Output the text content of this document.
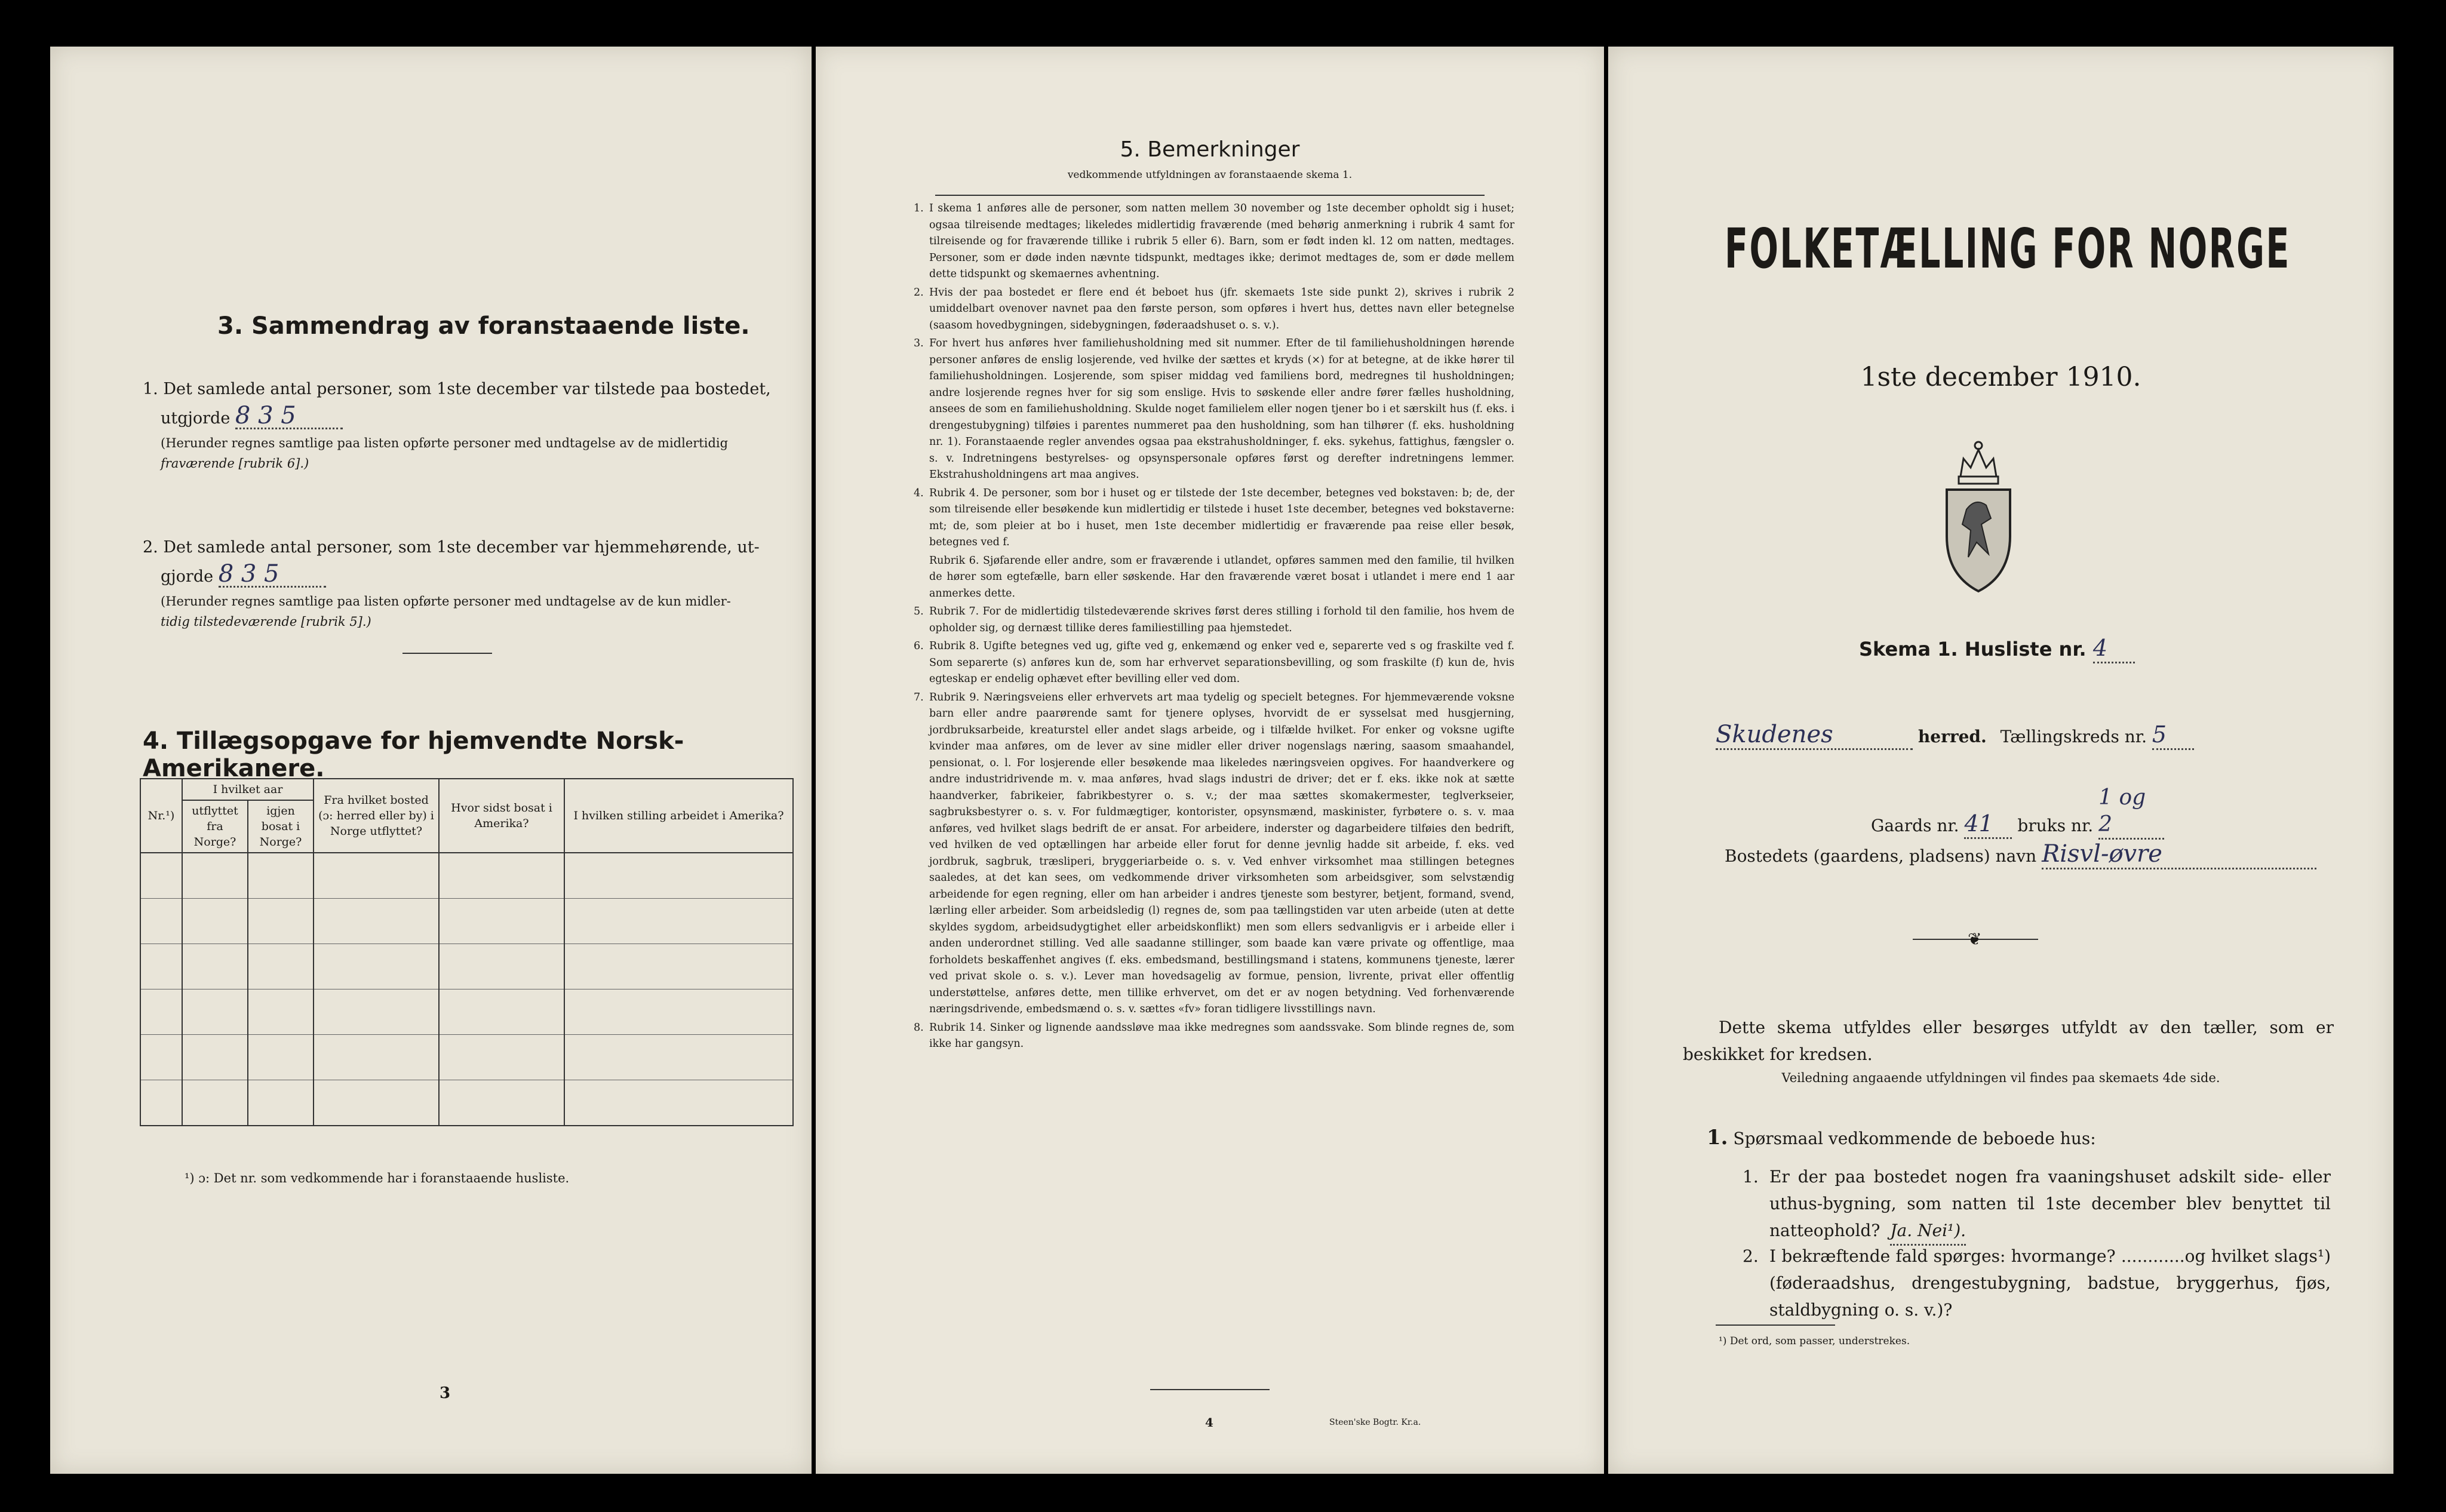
3. Sammendrag av foranstaaende liste.
1. Det samlede antal personer, som 1ste december var tilstede paa bostedet,
utgjorde 8 3 5
(Herunder regnes samtlige paa listen opførte personer med undtagelse av de midlertidig
fraværende [rubrik 6].)
2. Det samlede antal personer, som 1ste december var hjemmehørende, ut-
gjorde 8 3 5
(Herunder regnes samtlige paa listen opførte personer med undtagelse av de kun midler-
tidig tilstedeværende [rubrik 5].)
4. Tillægsopgave for hjemvendte Norsk-Amerikanere.
Nr.¹)	I hvilket aar		Fra hvilket bosted (ɔ: herred eller by) i Norge utflyttet?	Hvor sidst bosat i Amerika?	I hvilken stilling arbeidet i Amerika?
	utflyttet fra Norge?	igjen bosat i Norge?			

¹) ɔ: Det nr. som vedkommende har i foranstaaende husliste.
3
5. Bemerkninger
vedkommende utfyldningen av foranstaaende skema 1.
1. I skema 1 anføres alle de personer, som natten mellem 30 november og 1ste december opholdt sig i huset; ogsaa tilreisende medtages; likeledes midlertidig fraværende (med behørig anmerkning i rubrik 4 samt for tilreisende og for fraværende tillike i rubrik 5 eller 6). Barn, som er født inden kl. 12 om natten, medtages. Personer, som er døde inden nævnte tidspunkt, medtages ikke; derimot medtages de, som er døde mellem dette tidspunkt og skemaernes avhentning.
2. Hvis der paa bostedet er flere end ét beboet hus (jfr. skemaets 1ste side punkt 2), skrives i rubrik 2 umiddelbart ovenover navnet paa den første person, som opføres i hvert hus, dettes navn eller betegnelse (saasom hovedbygningen, sidebygningen, føderaadshuset o. s. v.).
3. For hvert hus anføres hver familiehusholdning med sit nummer. Efter de til familiehusholdningen hørende personer anføres de enslig losjerende, ved hvilke der sættes et kryds (×) for at betegne, at de ikke hører til familiehusholdningen. Losjerende, som spiser middag ved familiens bord, medregnes til husholdningen; andre losjerende regnes hver for sig som enslige. Hvis to søskende eller andre fører fælles husholdning, ansees de som en familiehusholdning. Skulde noget familielem eller nogen tjener bo i et særskilt hus (f. eks. i drengestubygning) tilføies i parentes nummeret paa den husholdning, som han tilhører (f. eks. husholdning nr. 1). Foranstaaende regler anvendes ogsaa paa ekstrahusholdninger, f. eks. sykehus, fattighus, fængsler o. s. v. Indretningens bestyrelses- og opsynspersonale opføres først og derefter indretningens lemmer. Ekstrahusholdningens art maa angives.
4. Rubrik 4. De personer, som bor i huset og er tilstede der 1ste december, betegnes ved bokstaven: b; de, der som tilreisende eller besøkende kun midlertidig er tilstede i huset 1ste december, betegnes ved bokstaverne: mt; de, som pleier at bo i huset, men 1ste december midlertidig er fraværende paa reise eller besøk, betegnes ved f.
Rubrik 6. Sjøfarende eller andre, som er fraværende i utlandet, opføres sammen med den familie, til hvilken de hører som egtefælle, barn eller søskende. Har den fraværende været bosat i utlandet i mere end 1 aar anmerkes dette.
5. Rubrik 7. For de midlertidig tilstedeværende skrives først deres stilling i forhold til den familie, hos hvem de opholder sig, og dernæst tillike deres familiestilling paa hjemstedet.
6. Rubrik 8. Ugifte betegnes ved ug, gifte ved g, enkemænd og enker ved e, separerte ved s og fraskilte ved f. Som separerte (s) anføres kun de, som har erhvervet separationsbevilling, og som fraskilte (f) kun de, hvis egteskap er endelig ophævet efter bevilling eller ved dom.
7. Rubrik 9. Næringsveiens eller erhvervets art maa tydelig og specielt betegnes. For hjemmeværende voksne barn eller andre paarørende samt for tjenere oplyses, hvorvidt de er sysselsat med husgjerning, jordbruksarbeide, kreaturstel eller andet slags arbeide, og i tilfælde hvilket. For enker og voksne ugifte kvinder maa anføres, om de lever av sine midler eller driver nogenslags næring, saasom smaahandel, pensionat, o. l. For losjerende eller besøkende maa likeledes næringsveien opgives. For haandverkere og andre industridrivende m. v. maa anføres, hvad slags industri de driver; det er f. eks. ikke nok at sætte haandverker, fabrikeier, fabrikbestyrer o. s. v.; der maa sættes skomakermester, teglverkseier, sagbruksbestyrer o. s. v. For fuldmægtiger, kontorister, opsynsmænd, maskinister, fyrbøtere o. s. v. maa anføres, ved hvilket slags bedrift de er ansat. For arbeidere, inderster og dagarbeidere tilføies den bedrift, ved hvilken de ved optællingen har arbeide eller forut for denne jevnlig hadde sit arbeide, f. eks. ved jordbruk, sagbruk, træsliperi, bryggeriarbeide o. s. v. Ved enhver virksomhet maa stillingen betegnes saaledes, at det kan sees, om vedkommende driver virksomheten som arbeidsgiver, som selvstændig arbeidende for egen regning, eller om han arbeider i andres tjeneste som bestyrer, betjent, formand, svend, lærling eller arbeider. Som arbeidsledig (l) regnes de, som paa tællingstiden var uten arbeide (uten at dette skyldes sygdom, arbeidsudygtighet eller arbeidskonflikt) men som ellers sedvanligvis er i arbeide eller i anden underordnet stilling. Ved alle saadanne stillinger, som baade kan være private og offentlige, maa forholdets beskaffenhet angives (f. eks. embedsmand, bestillingsmand i statens, kommunens tjeneste, lærer ved privat skole o. s. v.). Lever man hovedsagelig av formue, pension, livrente, privat eller offentlig understøttelse, anføres dette, men tillike erhvervet, om det er av nogen betydning. Ved forhenværende næringsdrivende, embedsmænd o. s. v. sættes «fv» foran tidligere livsstillings navn.
8. Rubrik 14. Sinker og lignende aandssløve maa ikke medregnes som aandssvake. Som blinde regnes de, som ikke har gangsyn.
4	Steen'ske Bogtr. Kr.a.
FOLKETÆLLING FOR NORGE
1ste december 1910.
Skema 1. Husliste nr. 4
Skudenes	herred. Tællingskreds nr. 5
Gaards nr. 41 bruks nr. 1 og 2
Bostedets (gaardens, pladsens) navn Risvl-øvre
❦
Dette skema utfyldes eller besørges utfyldt av den tæller, som er beskikket for kredsen.
Veiledning angaaende utfyldningen vil findes paa skemaets 4de side.
1. Spørsmaal vedkommende de beboede hus:
1. Er der paa bostedet nogen fra vaaningshuset adskilt side- eller uthus-bygning, som natten til 1ste december blev benyttet til natteophold? Ja. Nei¹).
2. I bekræftende fald spørges: hvormange? ............og hvilket slags¹) (føderaadshus, drengestubygning, badstue, bryggerhus, fjøs, staldbygning o. s. v.)?
¹) Det ord, som passer, understrekes.
